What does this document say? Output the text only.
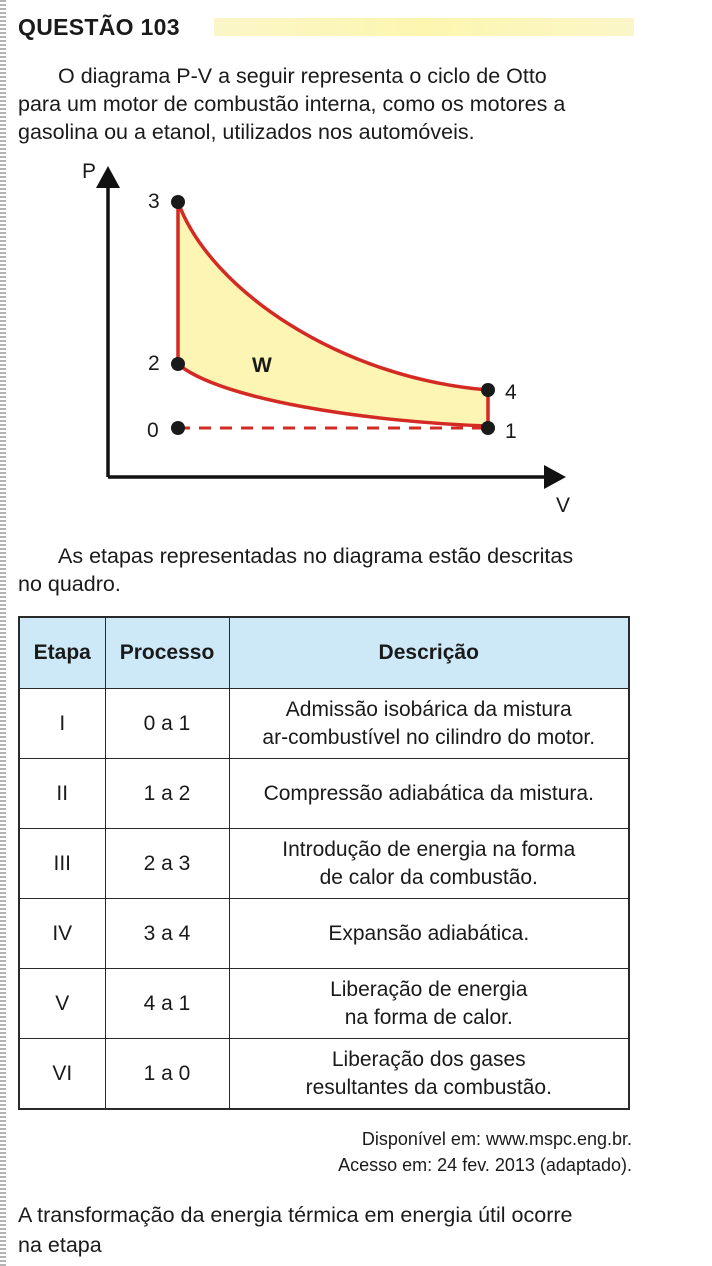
QUESTÃO 103

O diagrama P-V a seguir representa o ciclo de Otto
para um motor de combustão interna, como os motores a
gasolina ou a etanol, utilizados nos automóveis.

P
V
W
0	1
2
3
4

As etapas representadas no diagrama estão descritas
no quadro.

Etapa	Processo	Descrição
I	0 a 1	Admissão isobárica da mistura
ar-combustível no cilindro do motor.
II	1 a 2	Compressão adiabática da mistura.
III	2 a 3	Introdução de energia na forma
de calor da combustão.
IV	3 a 4	Expansão adiabática.
V	4 a 1	Liberação de energia
na forma de calor.
VI	1 a 0	Liberação dos gases
resultantes da combustão.
Disponível em: www.mspc.eng.br.
Acesso em: 24 fev. 2013 (adaptado).

A transformação da energia térmica em energia útil ocorre
na etapa
